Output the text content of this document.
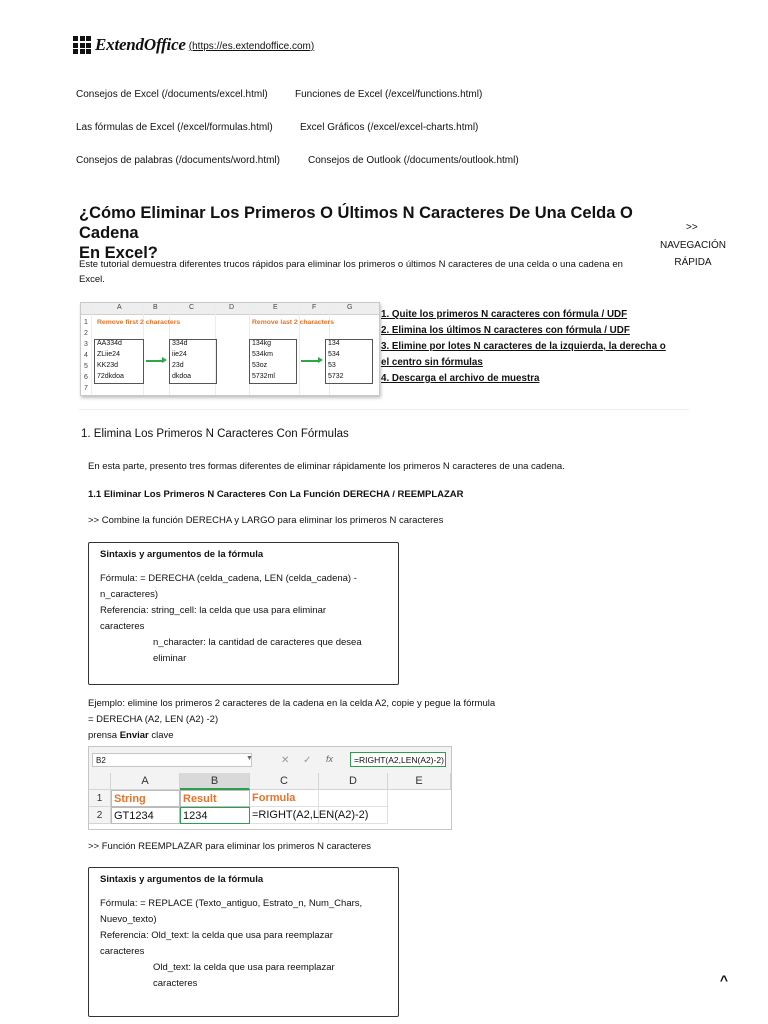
ExtendOffice (https://es.extendoffice.com)
Consejos de Excel (/documents/excel.html)	Funciones de Excel (/excel/functions.html)
Las fórmulas de Excel (/excel/formulas.html)	Excel Gráficos (/excel/excel-charts.html)
Consejos de palabras (/documents/word.html)	Consejos de Outlook (/documents/outlook.html)
¿Cómo Eliminar Los Primeros O Últimos N Caracteres De Una Celda O Cadena
En Excel?
>>
NAVEGACIÓN
RÁPIDA
Este tutorial demuestra diferentes trucos rápidos para eliminar los primeros o últimos N caracteres de una celda o una cadena en
Excel.
A	B	C	D	E	F	G
1
2
3
4
5
6
7
Remove first 2 characters	Remove last 2 characters
AA334d
ZLiie24
KK23d
72dkdoa
334d
iie24
23d
dkdoa
134kg
534km
53oz
5732ml
134
534
53
5732
1. Quite los primeros N caracteres con fórmula / UDF
2. Elimina los últimos N caracteres con fórmula / UDF
3. Elimine por lotes N caracteres de la izquierda, la derecha o
el centro sin fórmulas
4. Descarga el archivo de muestra
1. Elimina Los Primeros N Caracteres Con Fórmulas
En esta parte, presento tres formas diferentes de eliminar rápidamente los primeros N caracteres de una cadena.
1.1 Eliminar Los Primeros N Caracteres Con La Función DERECHA / REEMPLAZAR
>> Combine la función DERECHA y LARGO para eliminar los primeros N caracteres
Sintaxis y argumentos de la fórmula
Fórmula: = DERECHA (celda_cadena, LEN (celda_cadena) -
n_caracteres)
Referencia: string_cell: la celda que usa para eliminar
caracteres
n_character: la cantidad de caracteres que desea
eliminar
Ejemplo: elimine los primeros 2 caracteres de la cadena en la celda A2, copie y pegue la fórmula
= DERECHA (A2, LEN (A2) -2)
prensa Enviar clave
B2	▼	✕ ✓ fx	=RIGHT(A2,LEN(A2)-2)
A	B	C	D	E
1
2
String	Result	Formula
GT1234	1234	=RIGHT(A2,LEN(A2)-2)
>> Función REEMPLAZAR para eliminar los primeros N caracteres
Sintaxis y argumentos de la fórmula
Fórmula: = REPLACE (Texto_antiguo, Estrato_n, Num_Chars,
Nuevo_texto)
Referencia: Old_text: la celda que usa para reemplazar
caracteres
Old_text: la celda que usa para reemplazar
caracteres	^
